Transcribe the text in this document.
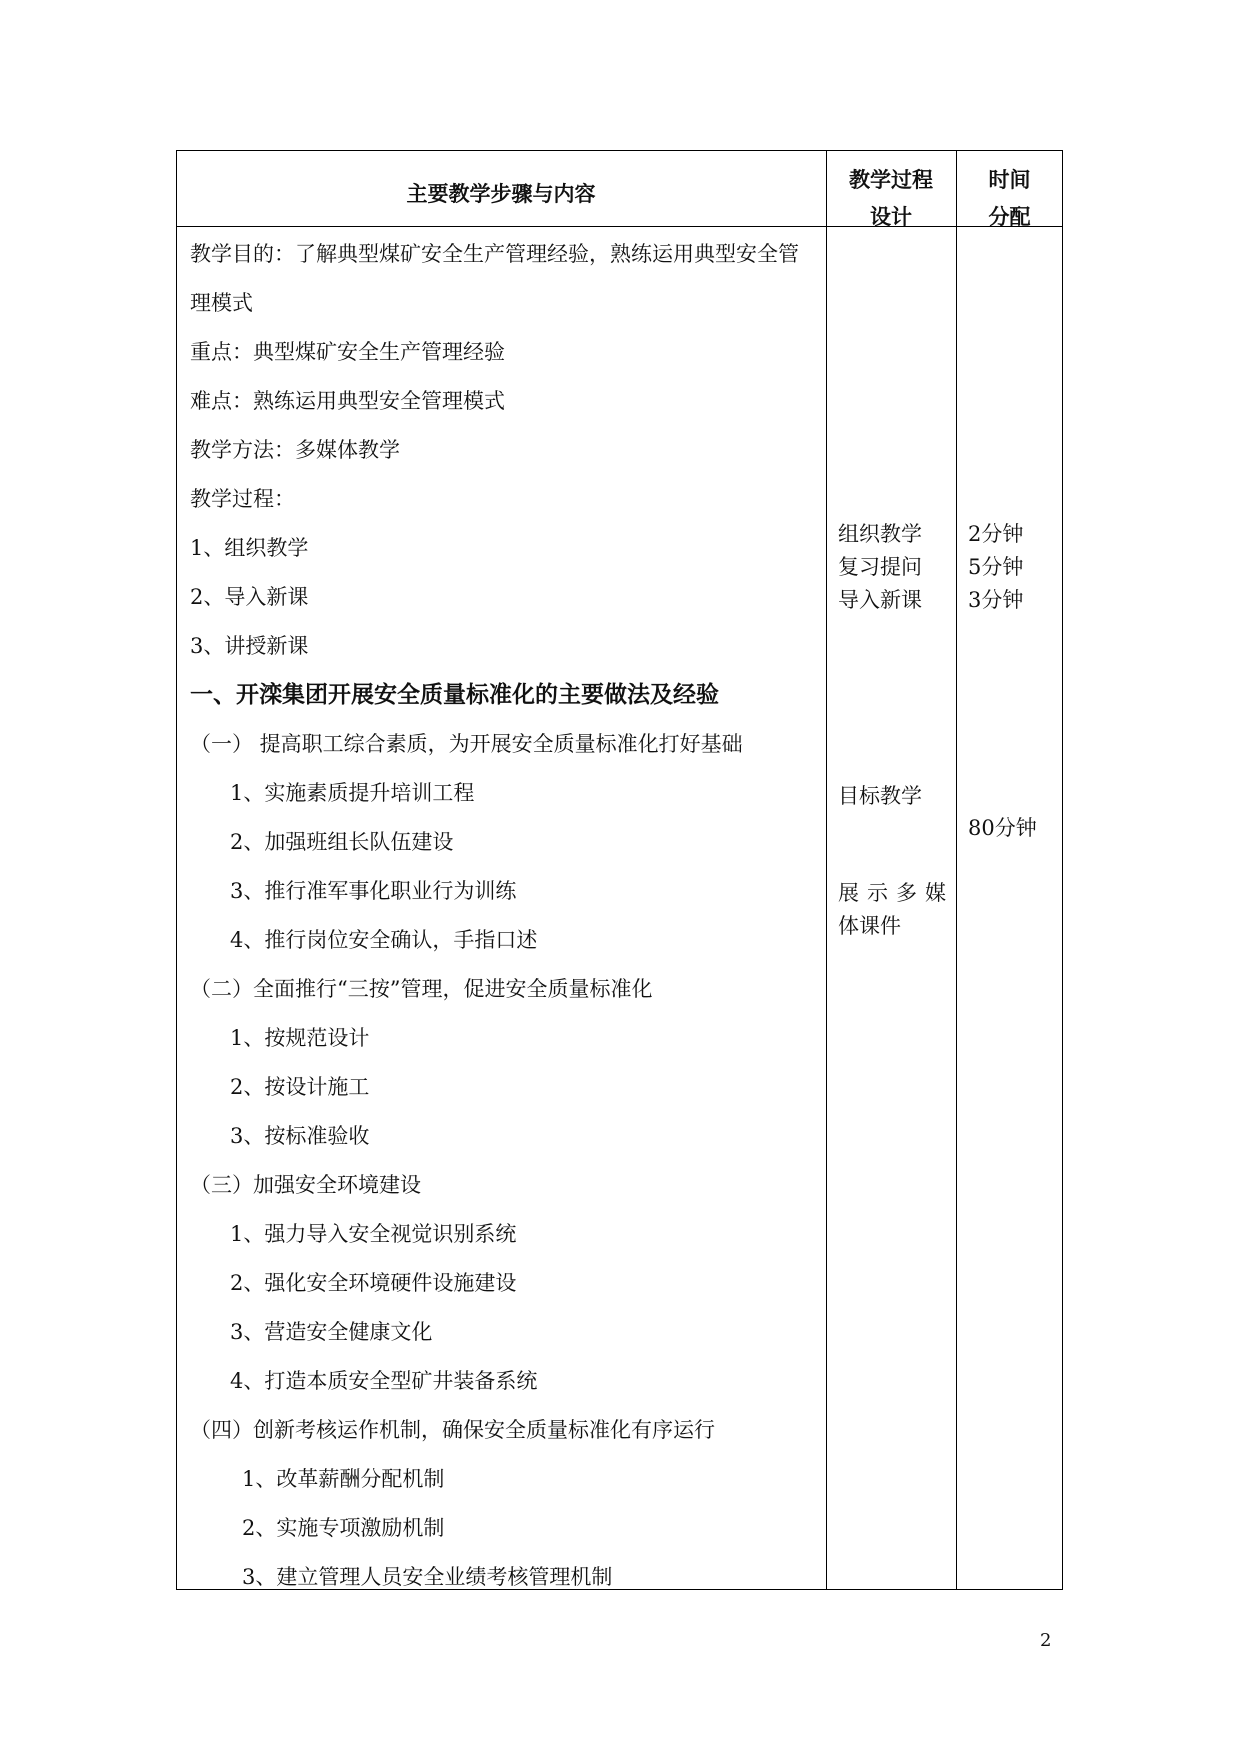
主要教学步骤与内容
教学过程
设计
时间
分配
教学目的：了解典型煤矿安全生产管理经验，熟练运用典型安全管
理模式
重点：典型煤矿安全生产管理经验
难点：熟练运用典型安全管理模式
教学方法：多媒体教学
教学过程：
1、组织教学
2、导入新课
3、讲授新课
一、开滦集团开展安全质量标准化的主要做法及经验
（一） 提高职工综合素质，为开展安全质量标准化打好基础
1、实施素质提升培训工程
2、加强班组长队伍建设
3、推行准军事化职业行为训练
4、推行岗位安全确认，手指口述
（二）全面推行“三按”管理，促进安全质量标准化
1、按规范设计
2、按设计施工
3、按标准验收
（三）加强安全环境建设
1、强力导入安全视觉识别系统
2、强化安全环境硬件设施建设
3、营造安全健康文化
4、打造本质安全型矿井装备系统
（四）创新考核运作机制，确保安全质量标准化有序运行
1、改革薪酬分配机制
2、实施专项激励机制
3、建立管理人员安全业绩考核管理机制
组织教学
复习提问
导入新课
目标教学
展示多媒
体课件
2分钟
5分钟
3分钟
80分钟
2
